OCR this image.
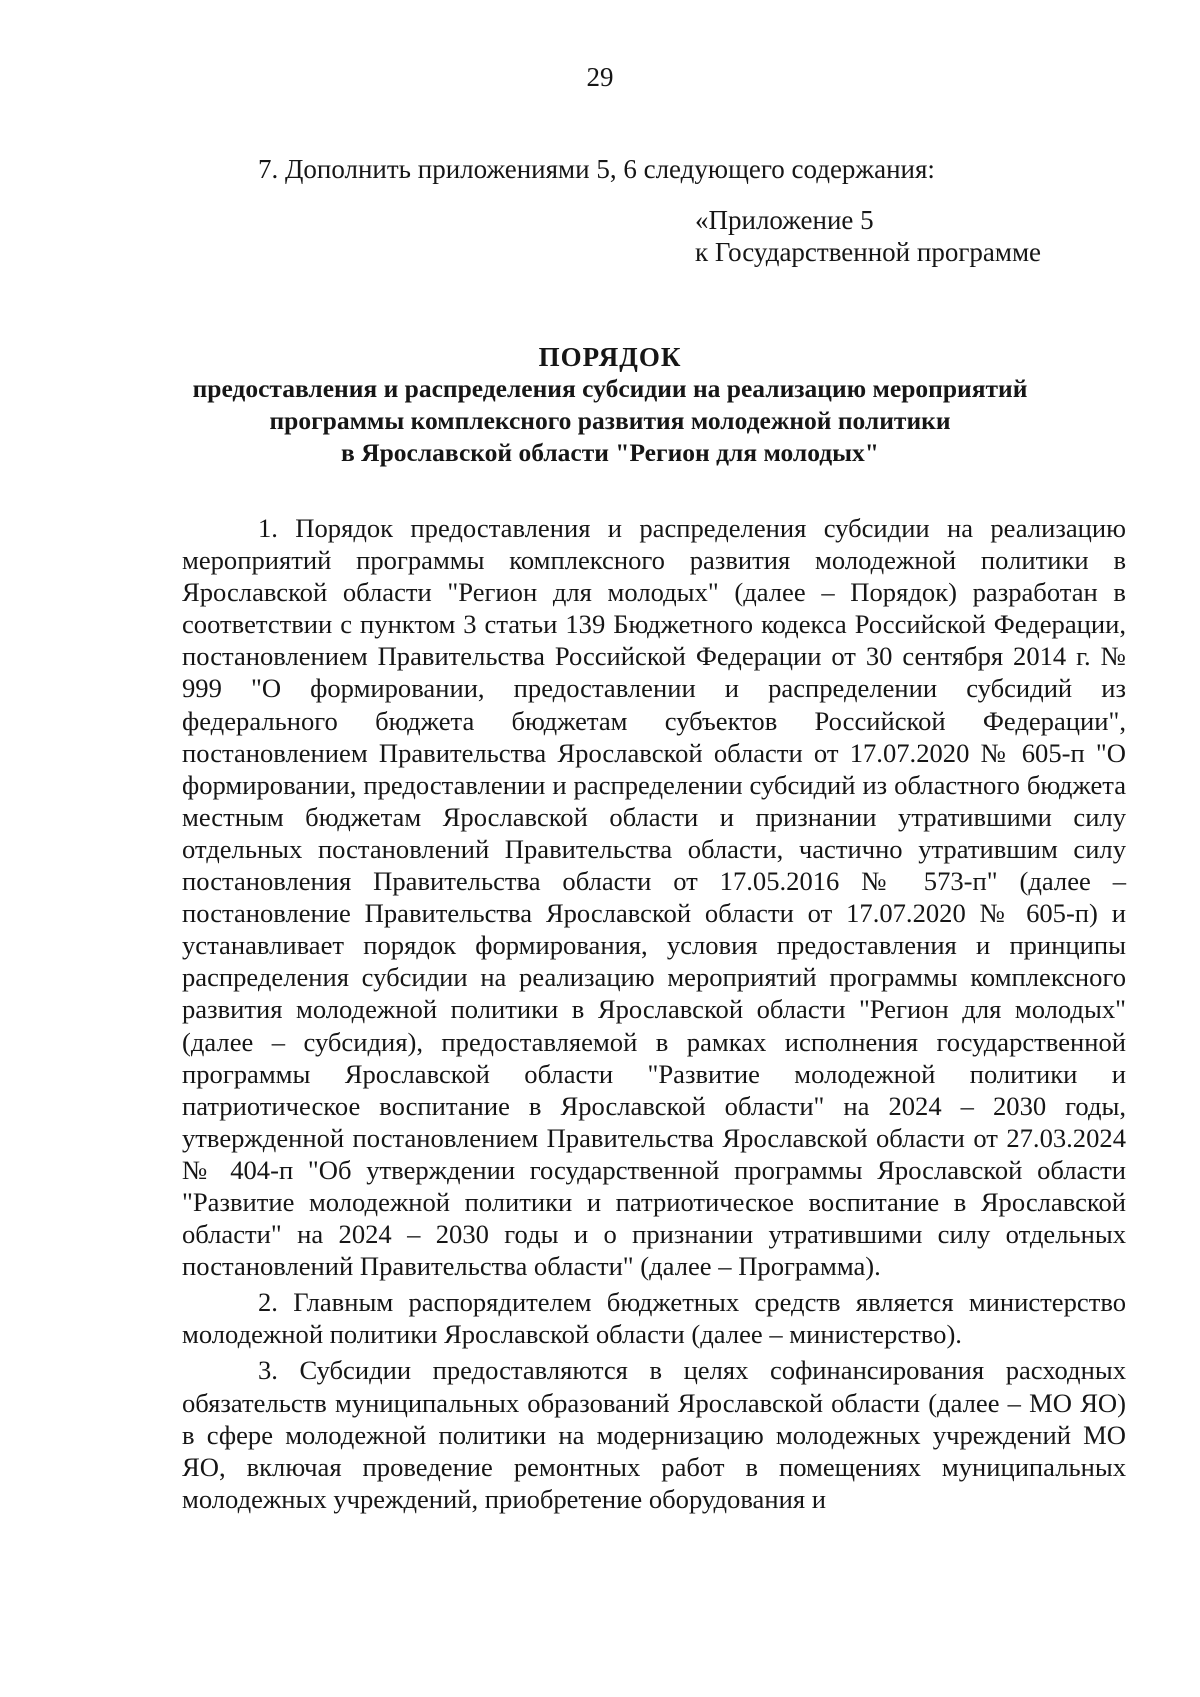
29
7. Дополнить приложениями 5, 6 следующего содержания:
«Приложение 5
к Государственной программе
ПОРЯДОК
предоставления и распределения субсидии на реализацию мероприятий
программы комплексного развития молодежной политики
в Ярославской области "Регион для молодых"

1. Порядок предоставления и распределения субсидии на реализацию мероприятий программы комплексного развития молодежной политики в Ярославской области "Регион для молодых" (далее – Порядок) разработан в соответствии с пунктом 3 статьи 139 Бюджетного кодекса Российской Федерации, постановлением Правительства Российской Федерации от 30 сентября 2014 г. № 999 "О формировании, предоставлении и распределении субсидий из федерального бюджета бюджетам субъектов Российской Федерации", постановлением Правительства Ярославской области от 17.07.2020 № 605-п "О формировании, предоставлении и распределении субсидий из областного бюджета местным бюджетам Ярославской области и признании утратившими силу отдельных постановлений Правительства области, частично утратившим силу постановления Правительства области от 17.05.2016 № 573-п" (далее – постановление Правительства Ярославской области от 17.07.2020 № 605-п) и устанавливает порядок формирования, условия предоставления и принципы распределения субсидии на реализацию мероприятий программы комплексного развития молодежной политики в Ярославской области "Регион для молодых" (далее – субсидия), предоставляемой в рамках исполнения государственной программы Ярославской области "Развитие молодежной политики и патриотическое воспитание в Ярославской области" на 2024 – 2030 годы, утвержденной постановлением Правительства Ярославской области от 27.03.2024 № 404-п "Об утверждении государственной программы Ярославской области "Развитие молодежной политики и патриотическое воспитание в Ярославской области" на 2024 – 2030 годы и о признании утратившими силу отдельных постановлений Правительства области" (далее – Программа).

2. Главным распорядителем бюджетных средств является министерство молодежной политики Ярославской области (далее – министерство).

3. Субсидии предоставляются в целях софинансирования расходных обязательств муниципальных образований Ярославской области (далее – МО ЯО) в сфере молодежной политики на модернизацию молодежных учреждений МО ЯО, включая проведение ремонтных работ в помещениях муниципальных молодежных учреждений, приобретение оборудования и
